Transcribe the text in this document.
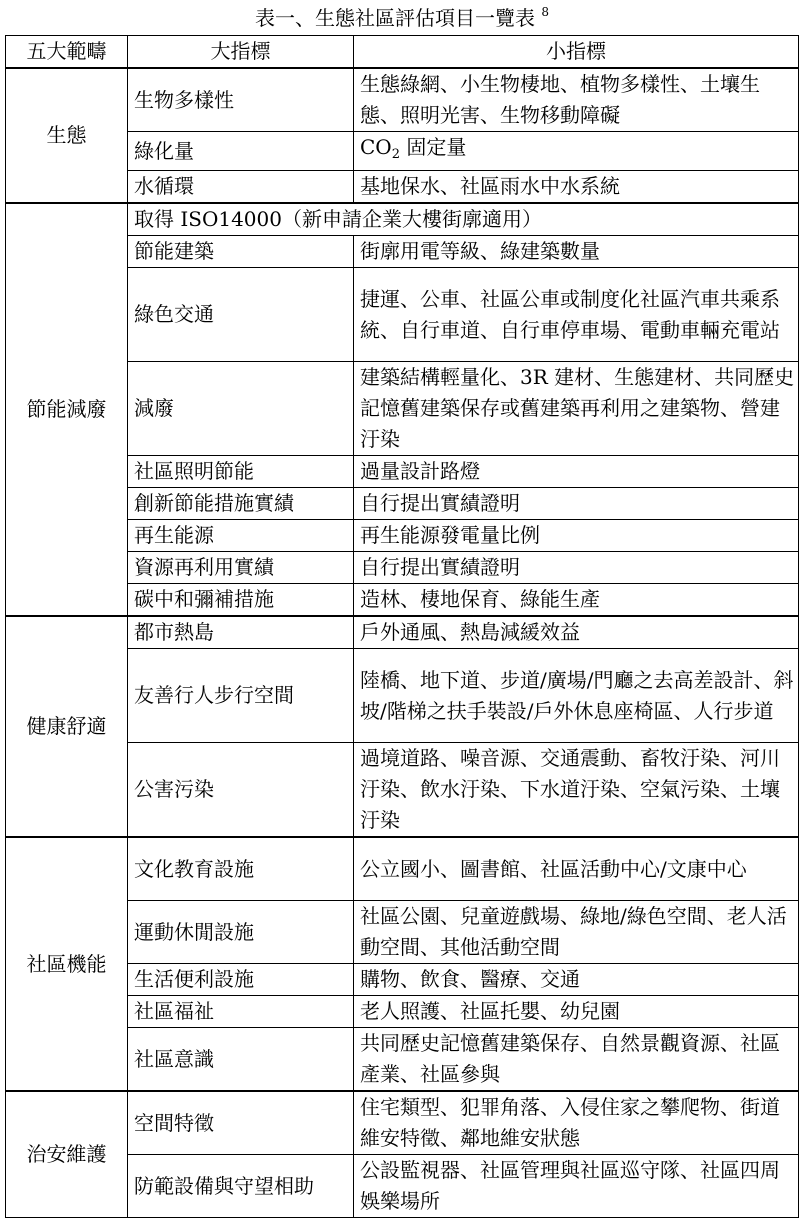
表一、生態社區評估項目一覽表 $^8$
五大範疇	大指標	小指標
生態	生物多樣性	生態綠網、小生物棲地、植物多樣性、土壤生態、照明光害、生物移動障礙
	綠化量	$CO_2$ 固定量
	水循環	基地保水、社區雨水中水系統
節能減廢	取得 ISO14000（新申請企業大樓街廓適用）	
	節能建築	街廓用電等級、綠建築數量
	綠色交通	捷運、公車、社區公車或制度化社區汽車共乘系統、自行車道、自行車停車場、電動車輛充電站
	減廢	建築結構輕量化、3R 建材、生態建材、共同歷史記憶舊建築保存或舊建築再利用之建築物、營建汙染
	社區照明節能	過量設計路燈
	創新節能措施實績	自行提出實績證明
	再生能源	再生能源發電量比例
	資源再利用實績	自行提出實績證明
	碳中和彌補措施	造林、棲地保育、綠能生產
健康舒適	都市熱島	戶外通風、熱島減緩效益
	友善行人步行空間	陸橋、地下道、步道/廣場/門廳之去高差設計、斜坡/階梯之扶手裝設/戶外休息座椅區、人行步道
	公害污染	過境道路、噪音源、交通震動、畜牧汙染、河川汙染、飲水汙染、下水道汙染、空氣污染、土壤汙染
社區機能	文化教育設施	公立國小、圖書館、社區活動中心/文康中心
	運動休閒設施	社區公園、兒童遊戲場、綠地/綠色空間、老人活動空間、其他活動空間
	生活便利設施	購物、飲食、醫療、交通
	社區福祉	老人照護、社區托嬰、幼兒園
	社區意識	共同歷史記憶舊建築保存、自然景觀資源、社區產業、社區參與
治安維護	空間特徵	住宅類型、犯罪角落、入侵住家之攀爬物、街道維安特徵、鄰地維安狀態
	防範設備與守望相助	公設監視器、社區管理與社區巡守隊、社區四周娛樂場所
